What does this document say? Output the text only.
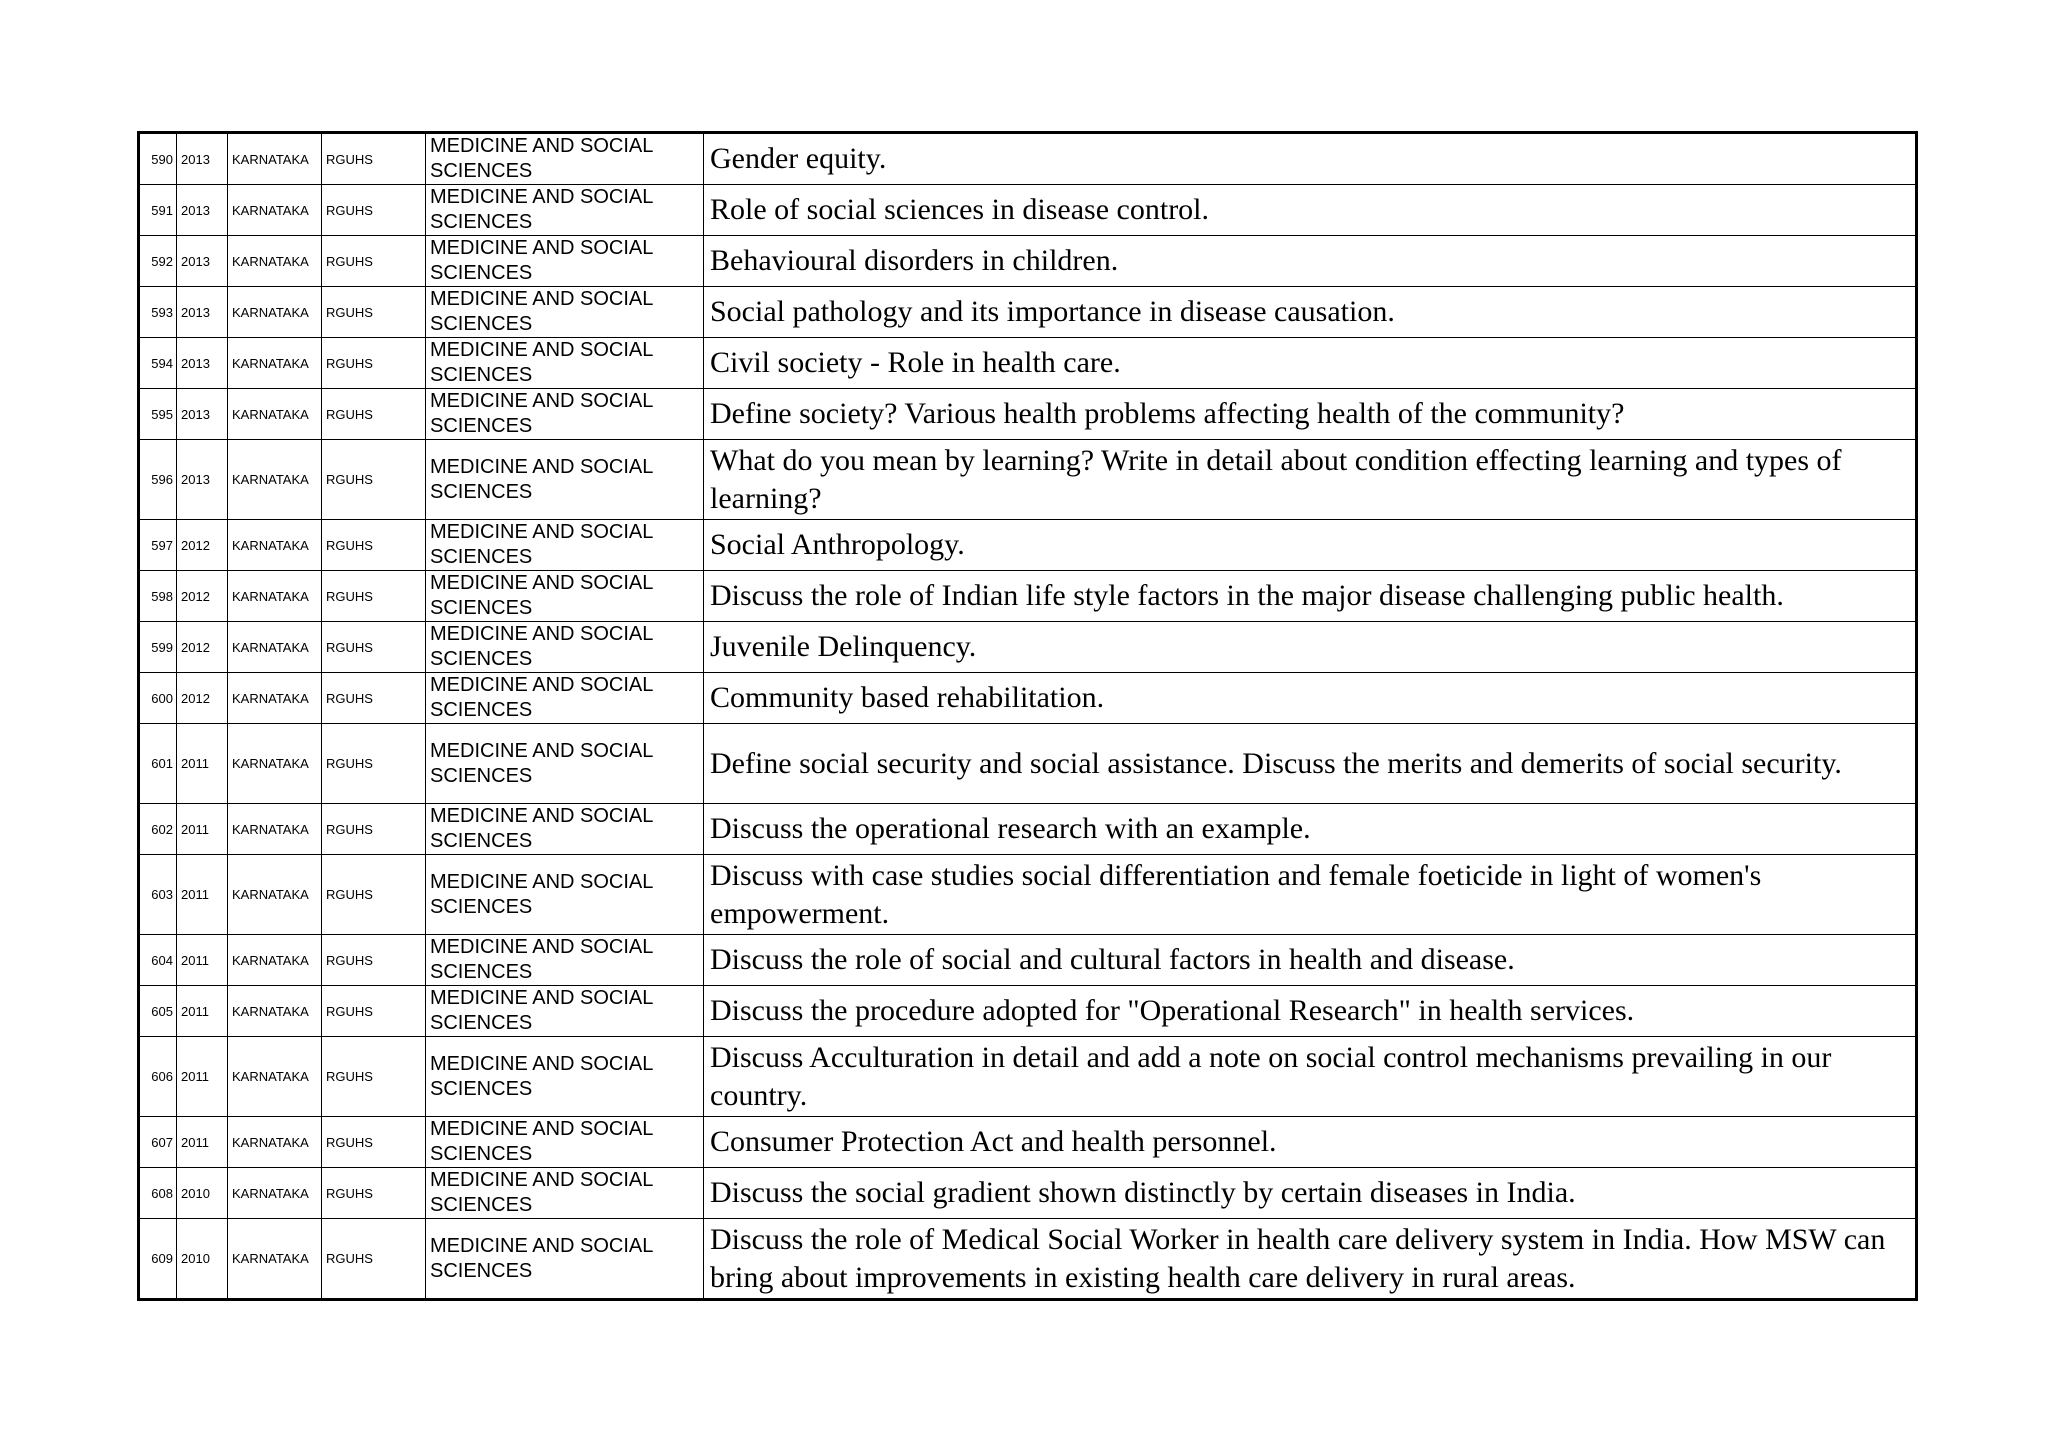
590	2013	KARNATAKA	RGUHS	MEDICINE AND SOCIAL SCIENCES	Gender equity.
591	2013	KARNATAKA	RGUHS	MEDICINE AND SOCIAL SCIENCES	Role of social sciences in disease control.
592	2013	KARNATAKA	RGUHS	MEDICINE AND SOCIAL SCIENCES	Behavioural disorders in children.
593	2013	KARNATAKA	RGUHS	MEDICINE AND SOCIAL SCIENCES	Social pathology and its importance in disease causation.
594	2013	KARNATAKA	RGUHS	MEDICINE AND SOCIAL SCIENCES	Civil society - Role in health care.
595	2013	KARNATAKA	RGUHS	MEDICINE AND SOCIAL SCIENCES	Define society? Various health problems affecting health of the community?
596	2013	KARNATAKA	RGUHS	MEDICINE AND SOCIAL SCIENCES	What do you mean by learning? Write in detail about condition effecting learning and types of learning?
597	2012	KARNATAKA	RGUHS	MEDICINE AND SOCIAL SCIENCES	Social Anthropology.
598	2012	KARNATAKA	RGUHS	MEDICINE AND SOCIAL SCIENCES	Discuss the role of Indian life style factors in the major disease challenging public health.
599	2012	KARNATAKA	RGUHS	MEDICINE AND SOCIAL SCIENCES	Juvenile Delinquency.
600	2012	KARNATAKA	RGUHS	MEDICINE AND SOCIAL SCIENCES	Community based rehabilitation.
601	2011	KARNATAKA	RGUHS	MEDICINE AND SOCIAL SCIENCES	Define social security and social assistance. Discuss the merits and demerits of social security.
602	2011	KARNATAKA	RGUHS	MEDICINE AND SOCIAL SCIENCES	Discuss the operational research with an example.
603	2011	KARNATAKA	RGUHS	MEDICINE AND SOCIAL SCIENCES	Discuss with case studies social differentiation and female foeticide in light of women's empowerment.
604	2011	KARNATAKA	RGUHS	MEDICINE AND SOCIAL SCIENCES	Discuss the role of social and cultural factors in health and disease.
605	2011	KARNATAKA	RGUHS	MEDICINE AND SOCIAL SCIENCES	Discuss the procedure adopted for "Operational Research" in health services.
606	2011	KARNATAKA	RGUHS	MEDICINE AND SOCIAL SCIENCES	Discuss Acculturation in detail and add a note on social control mechanisms prevailing in our country.
607	2011	KARNATAKA	RGUHS	MEDICINE AND SOCIAL SCIENCES	Consumer Protection Act and health personnel.
608	2010	KARNATAKA	RGUHS	MEDICINE AND SOCIAL SCIENCES	Discuss the social gradient shown distinctly by certain diseases in India.
609	2010	KARNATAKA	RGUHS	MEDICINE AND SOCIAL SCIENCES	Discuss the role of Medical Social Worker in health care delivery system in India. How MSW can bring about improvements in existing health care delivery in rural areas.
